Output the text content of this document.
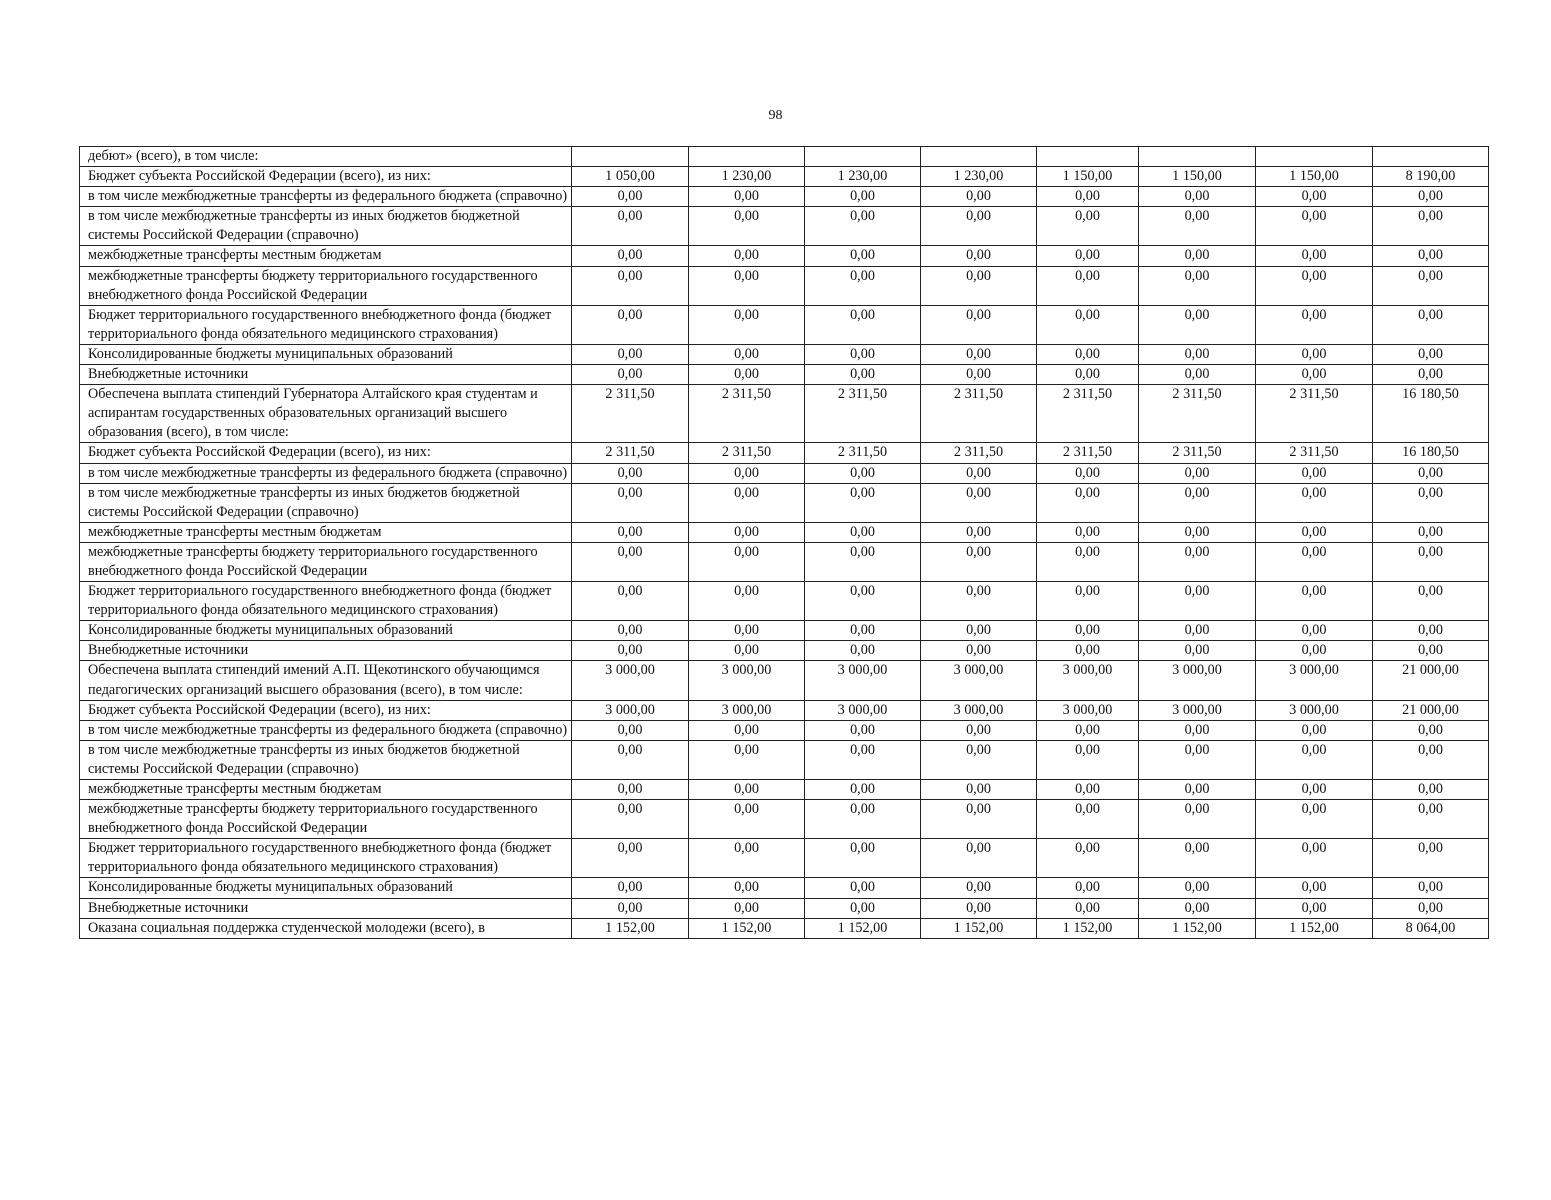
98
дебют» (всего), в том числе:								
Бюджет субъекта Российской Федерации (всего), из них:	1 050,00	1 230,00	1 230,00	1 230,00	1 150,00	1 150,00	1 150,00	8 190,00
в том числе межбюджетные трансферты из федерального бюджета (справочно)	0,00	0,00	0,00	0,00	0,00	0,00	0,00	0,00
в том числе межбюджетные трансферты из иных бюджетов бюджетной системы Российской Федерации (справочно)	0,00	0,00	0,00	0,00	0,00	0,00	0,00	0,00
межбюджетные трансферты местным бюджетам	0,00	0,00	0,00	0,00	0,00	0,00	0,00	0,00
межбюджетные трансферты бюджету территориального государственного внебюджетного фонда Российской Федерации	0,00	0,00	0,00	0,00	0,00	0,00	0,00	0,00
Бюджет территориального государственного внебюджетного фонда (бюджет территориального фонда обязательного медицинского страхования)	0,00	0,00	0,00	0,00	0,00	0,00	0,00	0,00
Консолидированные бюджеты муниципальных образований	0,00	0,00	0,00	0,00	0,00	0,00	0,00	0,00
Внебюджетные источники	0,00	0,00	0,00	0,00	0,00	0,00	0,00	0,00
Обеспечена выплата стипендий Губернатора Алтайского края студентам и аспирантам государственных образовательных организаций высшего образования (всего), в том числе:	2 311,50	2 311,50	2 311,50	2 311,50	2 311,50	2 311,50	2 311,50	16 180,50
Бюджет субъекта Российской Федерации (всего), из них:	2 311,50	2 311,50	2 311,50	2 311,50	2 311,50	2 311,50	2 311,50	16 180,50
в том числе межбюджетные трансферты из федерального бюджета (справочно)	0,00	0,00	0,00	0,00	0,00	0,00	0,00	0,00
в том числе межбюджетные трансферты из иных бюджетов бюджетной системы Российской Федерации (справочно)	0,00	0,00	0,00	0,00	0,00	0,00	0,00	0,00
межбюджетные трансферты местным бюджетам	0,00	0,00	0,00	0,00	0,00	0,00	0,00	0,00
межбюджетные трансферты бюджету территориального государственного внебюджетного фонда Российской Федерации	0,00	0,00	0,00	0,00	0,00	0,00	0,00	0,00
Бюджет территориального государственного внебюджетного фонда (бюджет территориального фонда обязательного медицинского страхования)	0,00	0,00	0,00	0,00	0,00	0,00	0,00	0,00
Консолидированные бюджеты муниципальных образований	0,00	0,00	0,00	0,00	0,00	0,00	0,00	0,00
Внебюджетные источники	0,00	0,00	0,00	0,00	0,00	0,00	0,00	0,00
Обеспечена выплата стипендий имений А.П. Щекотинского обучающимся педагогических организаций высшего образования (всего), в том числе:	3 000,00	3 000,00	3 000,00	3 000,00	3 000,00	3 000,00	3 000,00	21 000,00
Бюджет субъекта Российской Федерации (всего), из них:	3 000,00	3 000,00	3 000,00	3 000,00	3 000,00	3 000,00	3 000,00	21 000,00
в том числе межбюджетные трансферты из федерального бюджета (справочно)	0,00	0,00	0,00	0,00	0,00	0,00	0,00	0,00
в том числе межбюджетные трансферты из иных бюджетов бюджетной системы Российской Федерации (справочно)	0,00	0,00	0,00	0,00	0,00	0,00	0,00	0,00
межбюджетные трансферты местным бюджетам	0,00	0,00	0,00	0,00	0,00	0,00	0,00	0,00
межбюджетные трансферты бюджету территориального государственного внебюджетного фонда Российской Федерации	0,00	0,00	0,00	0,00	0,00	0,00	0,00	0,00
Бюджет территориального государственного внебюджетного фонда (бюджет территориального фонда обязательного медицинского страхования)	0,00	0,00	0,00	0,00	0,00	0,00	0,00	0,00
Консолидированные бюджеты муниципальных образований	0,00	0,00	0,00	0,00	0,00	0,00	0,00	0,00
Внебюджетные источники	0,00	0,00	0,00	0,00	0,00	0,00	0,00	0,00
Оказана социальная поддержка студенческой молодежи (всего), в	1 152,00	1 152,00	1 152,00	1 152,00	1 152,00	1 152,00	1 152,00	8 064,00
